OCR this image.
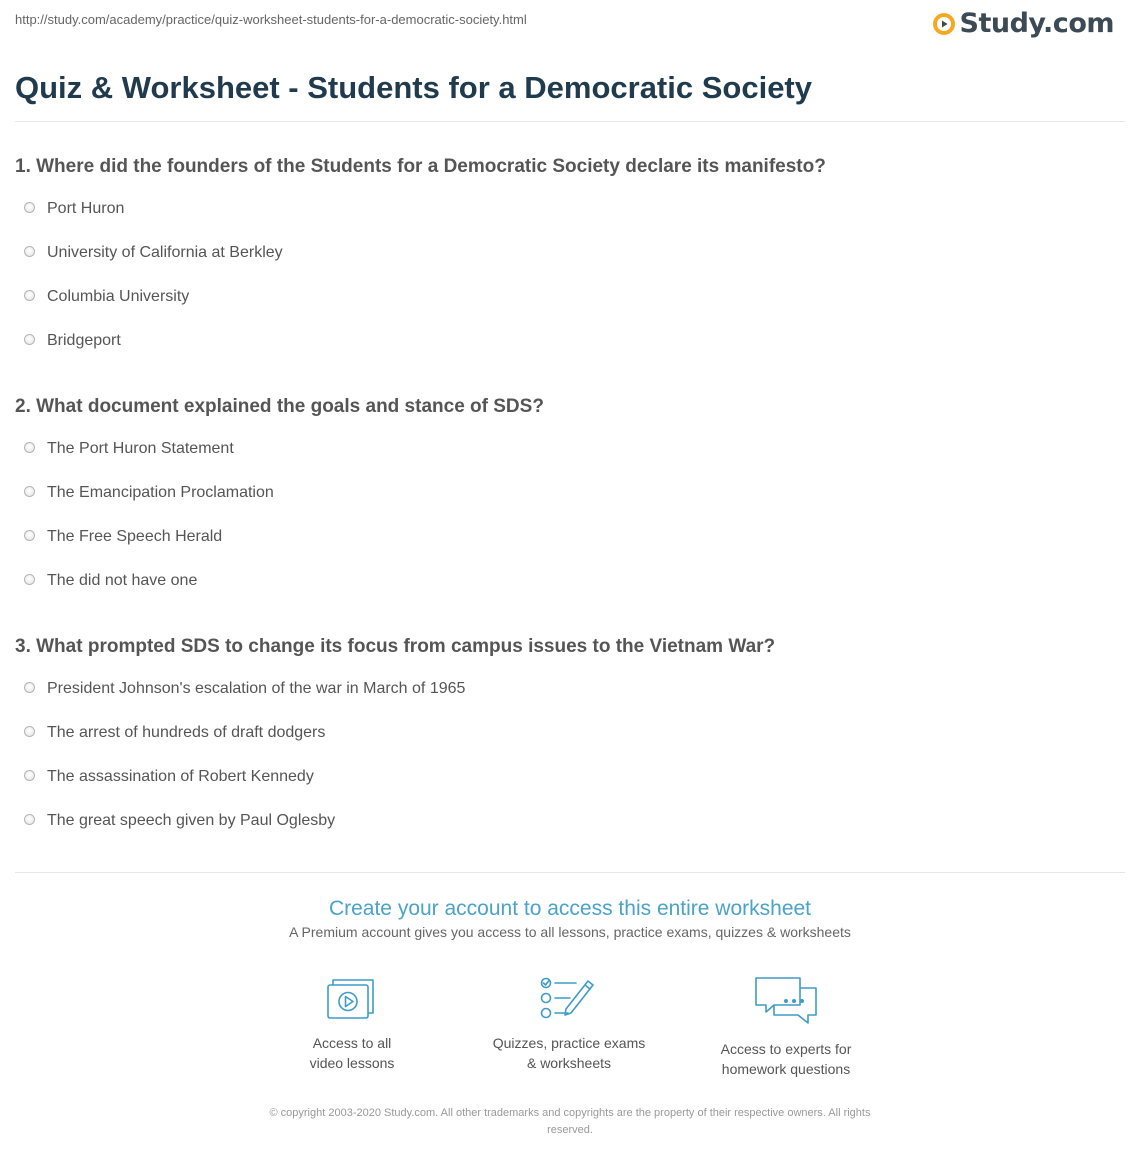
http://study.com/academy/practice/quiz-worksheet-students-for-a-democratic-society.html	Study.com
Quiz & Worksheet - Students for a Democratic Society
1. Where did the founders of the Students for a Democratic Society declare its manifesto?
Port Huron
University of California at Berkley
Columbia University
Bridgeport
2. What document explained the goals and stance of SDS?
The Port Huron Statement
The Emancipation Proclamation
The Free Speech Herald
The did not have one
3. What prompted SDS to change its focus from campus issues to the Vietnam War?
President Johnson's escalation of the war in March of 1965
The arrest of hundreds of draft dodgers
The assassination of Robert Kennedy
The great speech given by Paul Oglesby
Create your account to access this entire worksheet

A Premium account gives you access to all lessons, practice exams, quizzes & worksheets

Access to all
video lessons
Quizzes, practice exams
& worksheets
Access to experts for
homework questions
© copyright 2003-2020 Study.com. All other trademarks and copyrights are the property of their respective owners. All rights
reserved.
